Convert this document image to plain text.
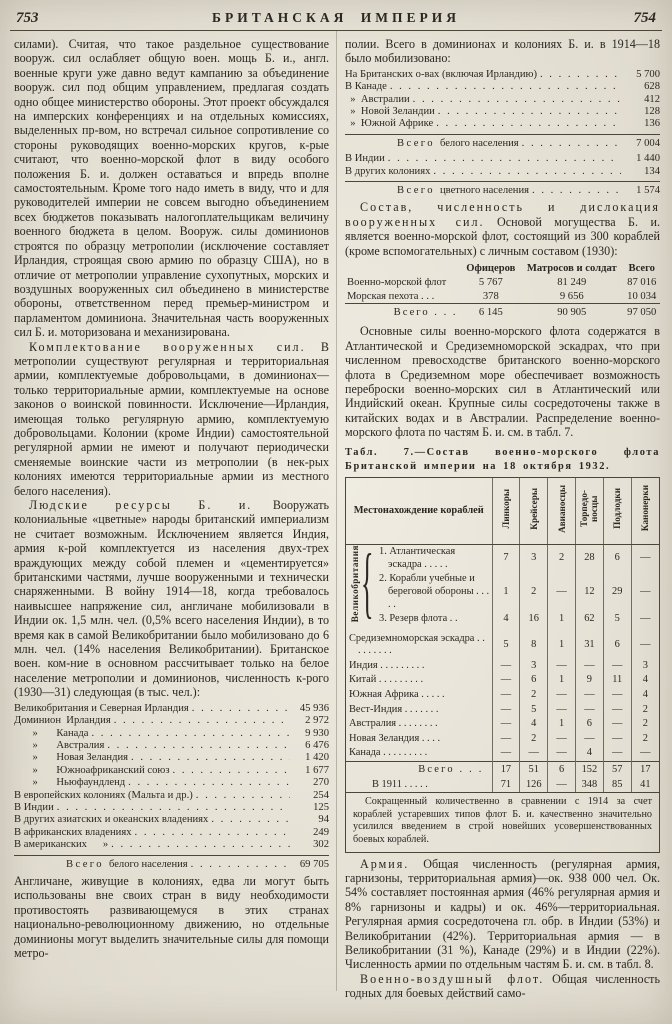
753	БРИТАНСКАЯ ИМПЕРИЯ	754

силами). Считая, что такое раздельное существование вооруж. сил ослабляет общую воен. мощь Б. и., англ. военные круги уже давно ведут кампанию за объединение вооруж. сил под общим управлением, предлагая создать одно общее министерство обороны. Этот проект обсуждался на имперских конференциях и на отдельных комиссиях, выделенных пр-вом, но встречал сильное сопротивление со стороны руководящих военно-морских кругов, к-рые считают, что военно-морской флот в виду особого положения Б. и. должен оставаться и впредь вполне самостоятельным. Кроме того надо иметь в виду, что и для руководителей империи не совсем выгодно объединением всех бюджетов показывать налогоплательщикам величину военного бюджета в целом. Вооруж. силы доминионов строятся по образцу метрополии (исключение составляет Ирландия, строящая свою армию по образцу США), но в отличие от метрополии управление сухопутных, морских и воздушных вооруженных сил объединено в министерстве обороны, ответственном перед премьер-министром и парламентом доминиона. Значительная часть вооруженных сил Б. и. моторизована и механизирована.

Комплектование вооруженных сил. В метрополии существуют регулярная и территориальная армии, комплектуемые добровольцами, в доминионах—только территориальные армии, комплектуемые на основе законов о воинской повинности. Исключение—Ирландия, имеющая только регулярную армию, комплектуемую добровольцами. Колонии (кроме Индии) самостоятельной регулярной армии не имеют и получают периодически сменяемые воинские части из метрополии (в нек-рых колониях имеются территориальные армии из местного белого населения).

Людские ресурсы Б. и. Вооружать колониальные «цветные» народы британский империализм не считает возможным. Исключением является Индия, армия к-рой комплектуется из населения двух-трех враждующих между собой племен и «цементируется» британскими частями, лучше вооруженными и технически снаряженными. В войну 1914—18, когда требовалось наивысшее напряжение сил, англичане мобилизовали в Индии ок. 1,5 млн. чел. (0,5% всего населения Индии), в то время как в самой Великобритании было мобилизовано до 6 млн. чел. (14% населения Великобритании). Британское воен. ком-ние в основном рассчитывает только на белое население метрополии и доминионов, численность к-рого (1930—31) следующая (в тыс. чел.):

Великобритания и Северная Ирландия . . .	45 936
Доминион  Ирландия . . .	2 972
»       Канада . . .	9 930
»       Австралия . . .	6 476
»       Новая Зеландия . . .	1 420
»       Южноафриканский союз . . .	1 677
»       Ньюфаундленд . . .	270
В европейских колониях (Мальта и др.) . . .	254
В Индии . . .	125
В других азиатских и океанских владениях . . .	94
В африканских владениях . . .	249
В американских      » . . .	302
Всего белого населения . . .	69 705

Англичане, живущие в колониях, едва ли могут быть использованы вне своих стран в виду необходимости противостоять развивающемуся в этих странах национально-революционному движению, но отдельные доминионы могут выделить значительные силы для помощи метро-

полии. Всего в доминионах и колониях Б. и. в 1914—18 было мобилизовано:

На Британских о-вах (включая Ирландию) . . .	5 700
В Канаде . . .	628
»  Австралии . . .	412
»  Новой Зеландии . . .	128
»  Южной Африке . . .	136
Всего белого населения . . .	7 004
В Индии . . .	1 440
В других колониях . . .	134
Всего цветного населения . . .	1 574

Состав, численность и дислокация вооруженных сил. Основой могущества Б. и. является военно-морской флот, состоящий из 300 кораблей (кроме вспомогательных) с личным составом (1930):

	Офицеров	Матросов и солдат	Всего
Военно-морской флот	5 767	81 249	87 016
Морская пехота . . .	378	9 656	10 034
Всего . . .	6 145	90 905	97 050

Основные силы военно-морского флота содержатся в Атлантической и Средиземноморской эскадрах, что при численном превосходстве британского военно-морского флота в Средиземном море обеспечивает возможность переброски военно-морских сил в Атлантический или Индийский океан. Крупные силы сосредоточены также в китайских водах и в Австралии. Распределение военно-морского флота по частям Б. и. см. в табл. 7.

Табл. 7.—Состав военно-морского флота Британской империи на 18 октября 1932.
Великобритания {
Местонахождение кораблей	Линкоры	Крейсеры	Авианосцы	Торпедоносцы	Подлодки	Канонерки
1. Атлантическая эскадра . . . . .	7	3	2	28	6	—
2. Корабли учебные и береговой обороны . . . . .	1	2	—	12	29	—
3. Резерв флота . .	4	16	1	62	5	—

Средиземноморская эскадра . . . . . . . . .	5	8	1	31	6	—
Индия . . . . . . . . .	—	3	—	—	—	3
Китай . . . . . . . . .	—	6	1	9	11	4
Южная Африка . . . . .	—	2	—	—	—	4
Вест-Индия . . . . . . .	—	5	—	—	—	2
Австралия . . . . . . . .	—	4	1	6	—	2
Новая Зеландия . . . .	—	2	—	—	—	2
Канада . . . . . . . . .	—	—	—	4	—	—
Всего . . .	17	51	6	152	57	17
В 1911 . . . . .	71	126	—	348	85	41
Сокращенный количественно в сравнении с 1914 за счет кораблей устаревших типов флот Б. и. качественно значительно усилился введением в строй новейших усовершенствованных боевых кораблей.

Армия. Общая численность (регулярная армия, гарнизоны, территориальная армия)—ок. 938 000 чел. Ок. 54% составляет постоянная армия (46% регулярная армия и 8% гарнизоны и кадры) и ок. 46%—территориальная. Регулярная армия сосредоточена гл. обр. в Индии (53%) и Великобритании (42%). Территориальная армия — в Великобритании (31 %), Канаде (29%) и в Индии (22%). Численность армии по отдельным частям Б. и. см. в табл. 8.

Военно-воздушный флот. Общая численность годных для боевых действий само-
